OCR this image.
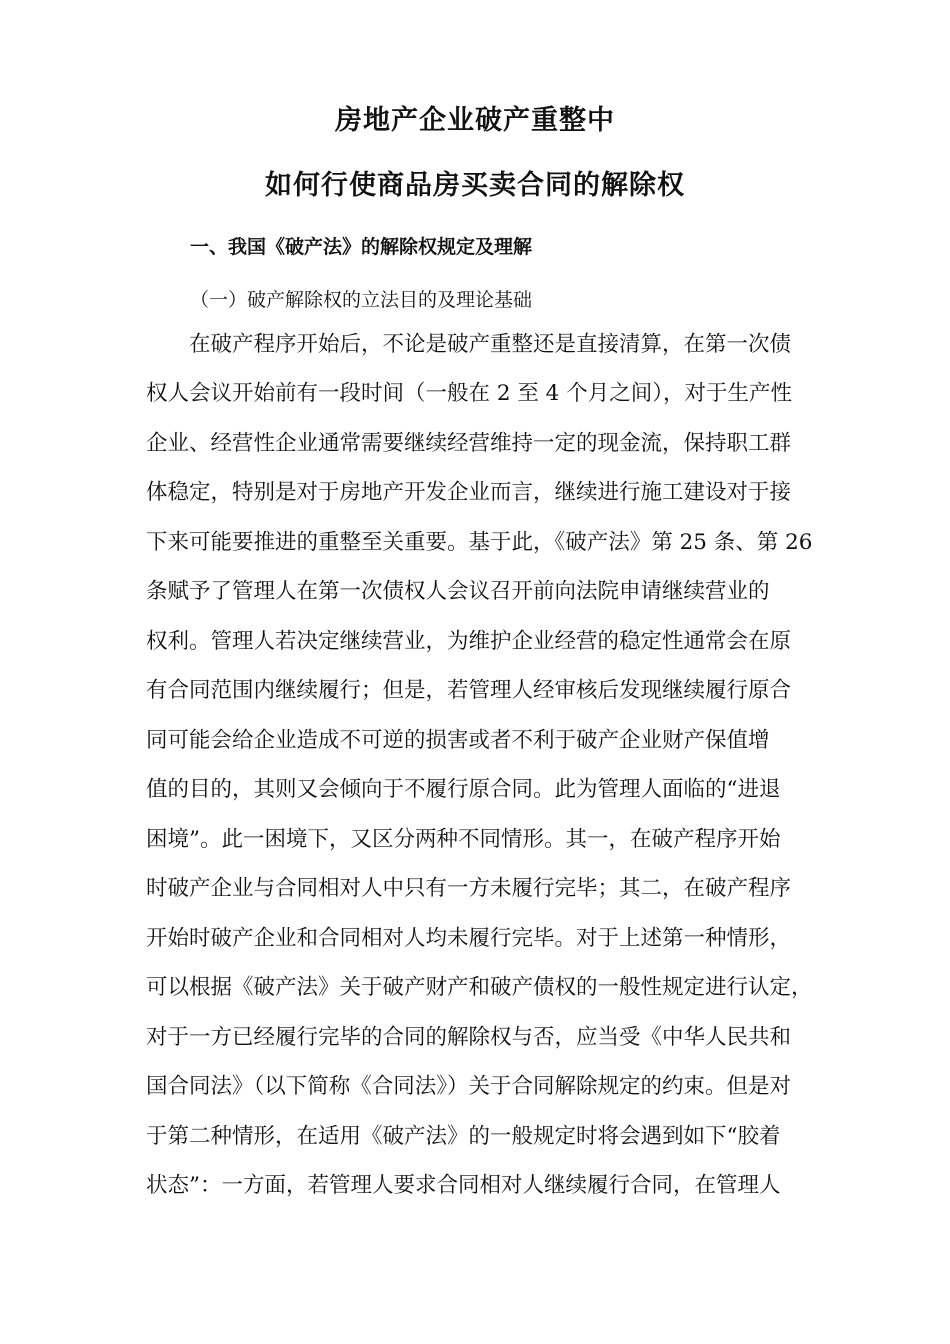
房地产企业破产重整中
如何行使商品房买卖合同的解除权
一、我国《破产法》的解除权规定及理解
（一）破产解除权的立法目的及理论基础
　　在破产程序开始后，不论是破产重整还是直接清算，在第一次债
权人会议开始前有一段时间（一般在 2 至 4 个月之间），对于生产性
企业、经营性企业通常需要继续经营维持一定的现金流，保持职工群
体稳定，特别是对于房地产开发企业而言，继续进行施工建设对于接
下来可能要推进的重整至关重要。基于此，《破产法》第 25 条、第 26
条赋予了管理人在第一次债权人会议召开前向法院申请继续营业的
权利。管理人若决定继续营业，为维护企业经营的稳定性通常会在原
有合同范围内继续履行；但是，若管理人经审核后发现继续履行原合
同可能会给企业造成不可逆的损害或者不利于破产企业财产保值增
值的目的，其则又会倾向于不履行原合同。此为管理人面临的“进退
困境”。此一困境下，又区分两种不同情形。其一，在破产程序开始
时破产企业与合同相对人中只有一方未履行完毕；其二，在破产程序
开始时破产企业和合同相对人均未履行完毕。对于上述第一种情形，
可以根据《破产法》关于破产财产和破产债权的一般性规定进行认定，
对于一方已经履行完毕的合同的解除权与否，应当受《中华人民共和
国合同法》（以下简称《合同法》）关于合同解除规定的约束。但是对
于第二种情形，在适用《破产法》的一般规定时将会遇到如下“胶着
状态”：一方面，若管理人要求合同相对人继续履行合同，在管理人
